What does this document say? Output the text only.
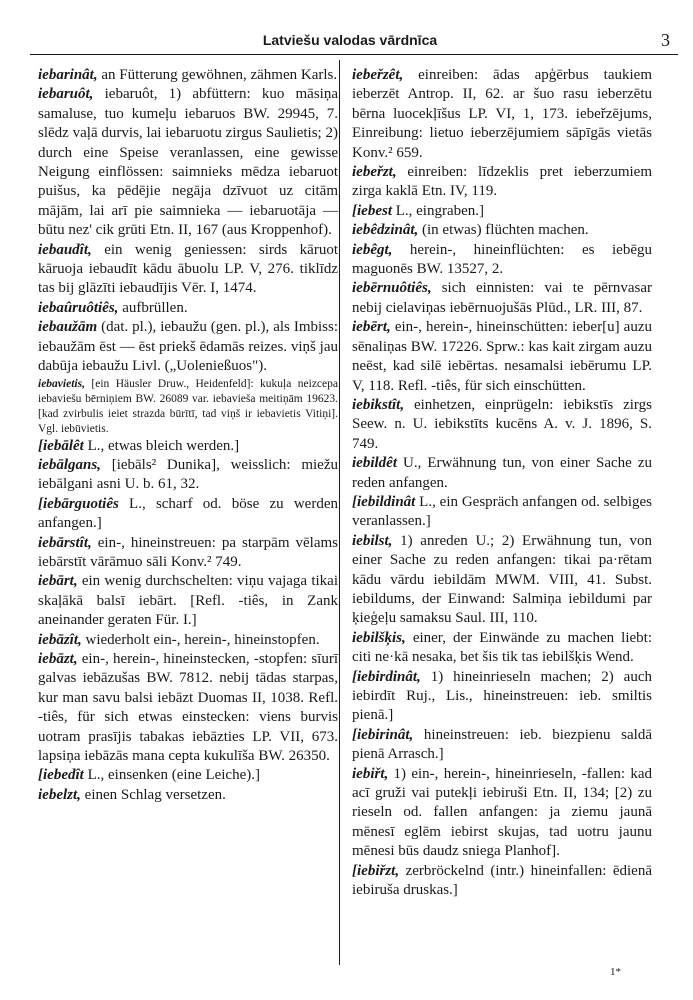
Latviešu valodas vārdnīca	3

iebarinât, an Fütterung gewöhnen, zähmen Karls.

iebaruôt, iebaruôt, 1) abfüttern: kuo māsiņa samaluse, tuo kumeļu iebaruos BW. 29945, 7. slēdz vaļā durvis, lai iebaruotu zirgus Saulietis; 2) durch eine Speise veranlassen, eine gewisse Neigung einflössen: saimnieks mēdza iebaruot puišus, ka pēdējie negāja dzīvuot uz citām mājām, lai arī pie saimnieka — iebaruotāja — būtu nez' cik grūti Etn. II, 167 (aus Kroppenhof).

iebaudît, ein wenig geniessen: sirds kāruot kāruoja iebaudīt kādu ābuolu LP. V, 276. tiklīdz tas bij glāzīti iebaudījis Vēr. I, 1474.

iebaûruôtiês, aufbrüllen.

iebaužām (dat. pl.), iebaužu (gen. pl.), als Imbiss: iebaužām ēst — ēst priekš ēdamās reizes. viņš jau dabūja iebaužu Livl. („Uolenießuos").

iebavietis, [ein Häusler Druw., Heidenfeld]: kukuļa neizcepa iebaviešu bērniņiem BW. 26089 var. iebavieša meitiņām 19623. [kad zvirbulis ieiet strazda būrītī, tad viņš ir iebavietis Vitiņi]. Vgl. iebūvietis.

[iebālêt L., etwas bleich werden.]

iebālgans, [iebāls² Dunika], weisslich: miežu iebālgani asni U. b. 61, 32.

[iebārguotiês L., scharf od. böse zu werden anfangen.]

iebārstît, ein-, hineinstreuen: pa starpām vēlams iebārstīt vārāmuo sāli Konv.² 749.

iebārt, ein wenig durchschelten: viņu vajaga tikai skaļākā balsī iebārt. [Refl. -tiês, in Zank aneinander geraten Für. I.]

iebāzît, wiederholt ein-, herein-, hineinstopfen.

iebāzt, ein-, herein-, hineinstecken, -stopfen: sīurī galvas iebāzušas BW. 7812. nebij tādas starpas, kur man savu balsi iebāzt Duomas II, 1038. Refl. -tiês, für sich etwas einstecken: viens burvis uotram prasījis tabakas iebāzties LP. VII, 673. lapsiņa iebāzās mana cepta kukulīša BW. 26350.

[iebedît L., einsenken (eine Leiche).]

iebelzt, einen Schlag versetzen.

iebeřzêt, einreiben: ādas apģērbus taukiem ieberzēt Antrop. II, 62. ar šuo rasu ieberzētu bērna luocekļīšus LP. VI, 1, 173. iebeřzējums, Einreibung: lietuo ieberzējumiem sāpīgās vietās Konv.² 659.

iebeřzt, einreiben: līdzeklis pret ieberzumiem zirga kaklā Etn. IV, 119.

[iebest L., eingraben.]

iebêdzinât, (in etwas) flüchten machen.

iebêgt, herein-, hineinflüchten: es iebēgu maguonēs BW. 13527, 2.

iebērnuôtiês, sich einnisten: vai te pērnvasar nebij cielaviņas iebērnuojušās Plūd., LR. III, 87.

iebērt, ein-, herein-, hineinschütten: ieber[u] auzu sēnaliņas BW. 17226. Sprw.: kas kait zirgam auzu neēst, kad silē iebērtas. nesamalsi iebērumu LP. V, 118. Refl. -tiês, für sich einschütten.

iebikstît, einhetzen, einprügeln: iebikstīs zirgs Seew. n. U. iebikstīts kucēns A. v. J. 1896, S. 749.

iebildêt U., Erwähnung tun, von einer Sache zu reden anfangen.

[iebildinât L., ein Gespräch anfangen od. selbiges veranlassen.]

iebilst, 1) anreden U.; 2) Erwähnung tun, von einer Sache zu reden anfangen: tikai pa·rētam kādu vārdu iebildām MWM. VIII, 41. Subst. iebildums, der Einwand: Salmiņa iebildumi par ķieģeļu samaksu Saul. III, 110.

iebilšķis, einer, der Einwände zu machen liebt: citi ne·kā nesaka, bet šis tik tas iebilšķis Wend.

[iebirdinât, 1) hineinrieseln machen; 2) auch iebirdīt Ruj., Lis., hineinstreuen: ieb. smiltis pienā.]

[iebirinât, hineinstreuen: ieb. biezpienu saldā pienā Arrasch.]

iebiřt, 1) ein-, herein-, hineinrieseln, -fallen: kad acī gruži vai putekļi iebiruši Etn. II, 134; [2) zu rieseln od. fallen anfangen: ja ziemu jaunā mēnesī eglēm iebirst skujas, tad uotru jaunu mēnesi būs daudz sniega Planhof].

[iebiřzt, zerbröckelnd (intr.) hineinfallen: ēdienā iebiruša druskas.]

1*
